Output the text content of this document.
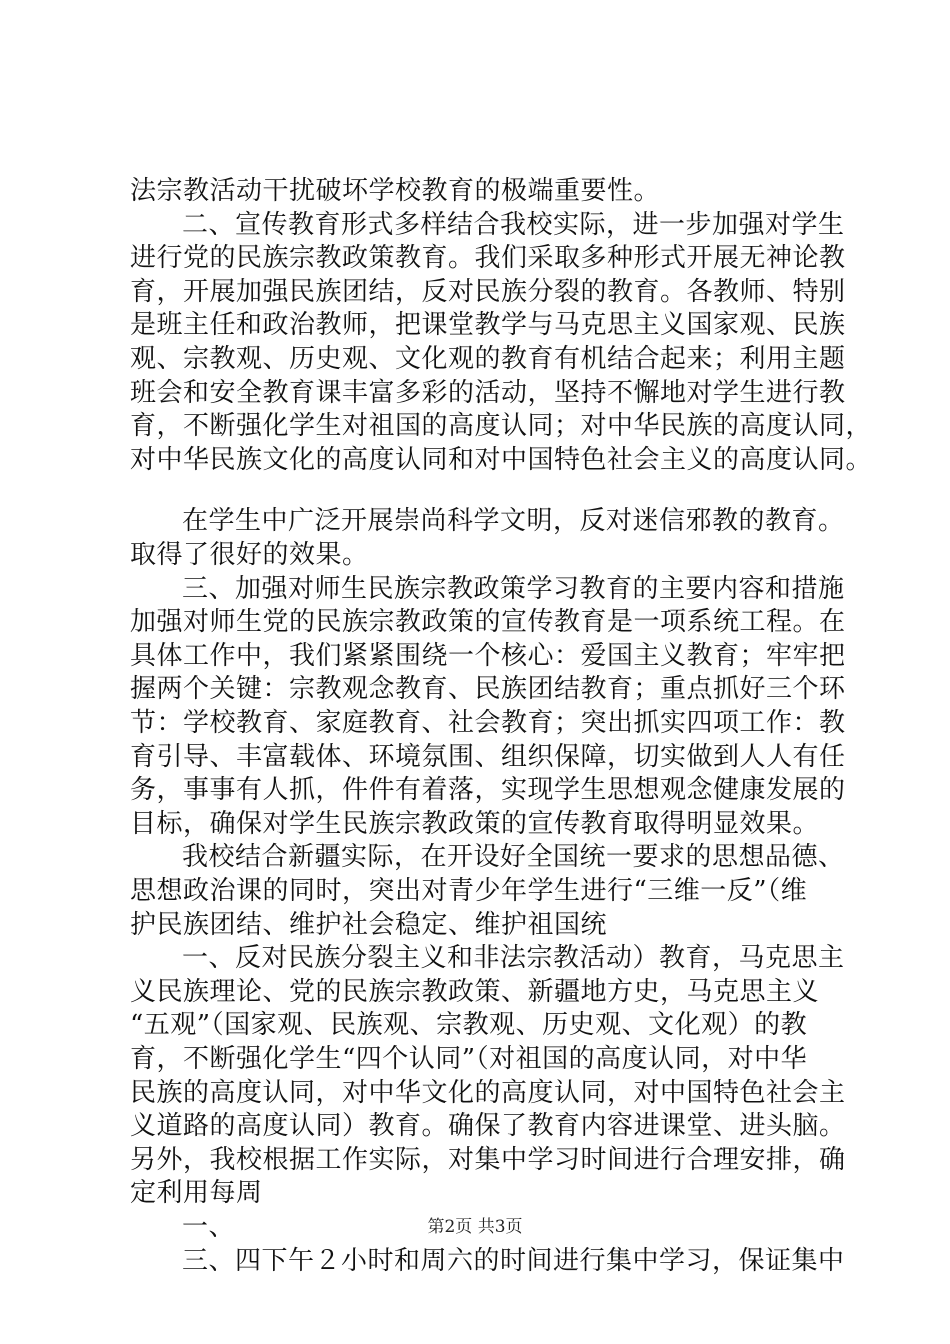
法宗教活动干扰破坏学校教育的极端重要性。
二、宣传教育形式多样结合我校实际，进一步加强对学生
进行党的民族宗教政策教育。我们采取多种形式开展无神论教
育，开展加强民族团结，反对民族分裂的教育。各教师、特别
是班主任和政治教师，把课堂教学与马克思主义国家观、民族
观、宗教观、历史观、文化观的教育有机结合起来；利用主题
班会和安全教育课丰富多彩的活动，坚持不懈地对学生进行教
育，不断强化学生对祖国的高度认同；对中华民族的高度认同，
对中华民族文化的高度认同和对中国特色社会主义的高度认同。
在学生中广泛开展崇尚科学文明，反对迷信邪教的教育。
取得了很好的效果。
三、加强对师生民族宗教政策学习教育的主要内容和措施
加强对师生党的民族宗教政策的宣传教育是一项系统工程。在
具体工作中，我们紧紧围绕一个核心：爱国主义教育；牢牢把
握两个关键：宗教观念教育、民族团结教育；重点抓好三个环
节：学校教育、家庭教育、社会教育；突出抓实四项工作：教
育引导、丰富载体、环境氛围、组织保障，切实做到人人有任
务，事事有人抓，件件有着落，实现学生思想观念健康发展的
目标，确保对学生民族宗教政策的宣传教育取得明显效果。
我校结合新疆实际，在开设好全国统一要求的思想品德、
思想政治课的同时，突出对青少年学生进行“三维一反”（维
护民族团结、维护社会稳定、维护祖国统
一、反对民族分裂主义和非法宗教活动）教育，马克思主
义民族理论、党的民族宗教政策、新疆地方史，马克思主义
“五观”（国家观、民族观、宗教观、历史观、文化观）的教
育，不断强化学生“四个认同”（对祖国的高度认同，对中华
民族的高度认同，对中华文化的高度认同，对中国特色社会主
义道路的高度认同）教育。确保了教育内容进课堂、进头脑。
另外，我校根据工作实际，对集中学习时间进行合理安排，确
定利用每周
一、
三、四下午２小时和周六的时间进行集中学习，保证集中
第2页 共3页
